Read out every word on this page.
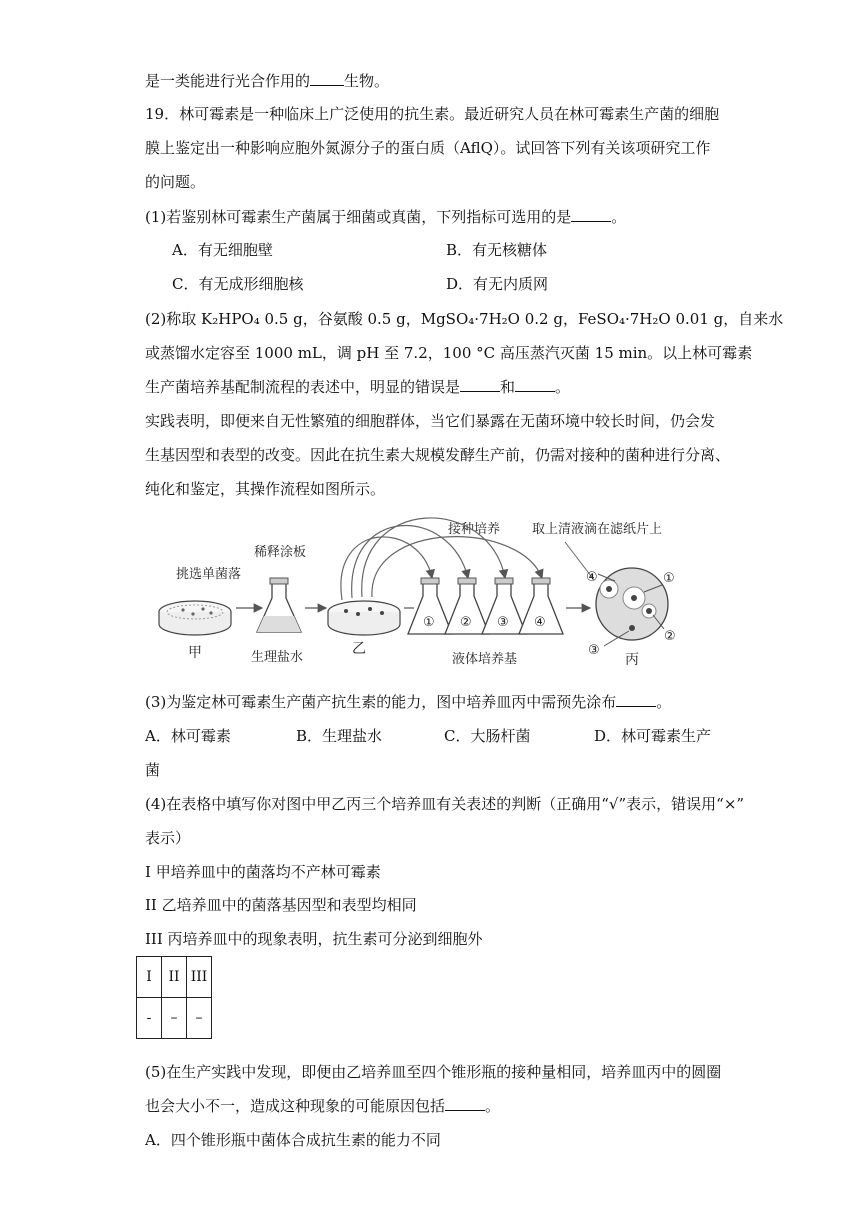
是一类能进行光合作用的 生物。
19．林可霉素是一种临床上广泛使用的抗生素。最近研究人员在林可霉素生产菌的细胞
膜上鉴定出一种影响应胞外氮源分子的蛋白质（AflQ）。试回答下列有关该项研究工作
的问题。
(1)若鉴别林可霉素生产菌属于细菌或真菌，下列指标可选用的是	。
A．有无细胞壁	B．有无核糖体
C．有无成形细胞核	D．有无内质网
(2)称取 K₂HPO₄ 0.5 g，谷氨酸 0.5 g，MgSO₄·7H₂O 0.2 g，FeSO₄·7H₂O 0.01 g，自来水
或蒸馏水定容至 1000 mL，调 pH 至 7.2，100 °C 高压蒸汽灭菌 15 min。以上林可霉素
生产菌培养基配制流程的表述中，明显的错误是	和	。
实践表明，即便来自无性繁殖的细胞群体，当它们暴露在无菌环境中较长时间，仍会发
生基因型和表型的改变。因此在抗生素大规模发酵生产前，仍需对接种的菌种进行分离、
纯化和鉴定，其操作流程如图所示。
稀释涂板
接种培养 取上清液滴在滤纸片上
挑选单菌落
甲	生理盐水
乙
① ② ③ ④
液体培养基
④	①
②
③
丙
(3)为鉴定林可霉素生产菌产抗生素的能力，图中培养皿丙中需预先涂布	。
A．林可霉素	B．生理盐水	C．大肠杆菌	D．林可霉素生产
菌
(4)在表格中填写你对图中甲乙丙三个培养皿有关表述的判断（正确用“√”表示，错误用“×”
表示）
I 甲培养皿中的菌落均不产林可霉素
II 乙培养皿中的菌落基因型和表型均相同
III 丙培养皿中的现象表明，抗生素可分泌到细胞外
I	II	III
-	–	–
(5)在生产实践中发现，即便由乙培养皿至四个锥形瓶的接种量相同，培养皿丙中的圆圈
也会大小不一，造成这种现象的可能原因包括	。
A．四个锥形瓶中菌体合成抗生素的能力不同
